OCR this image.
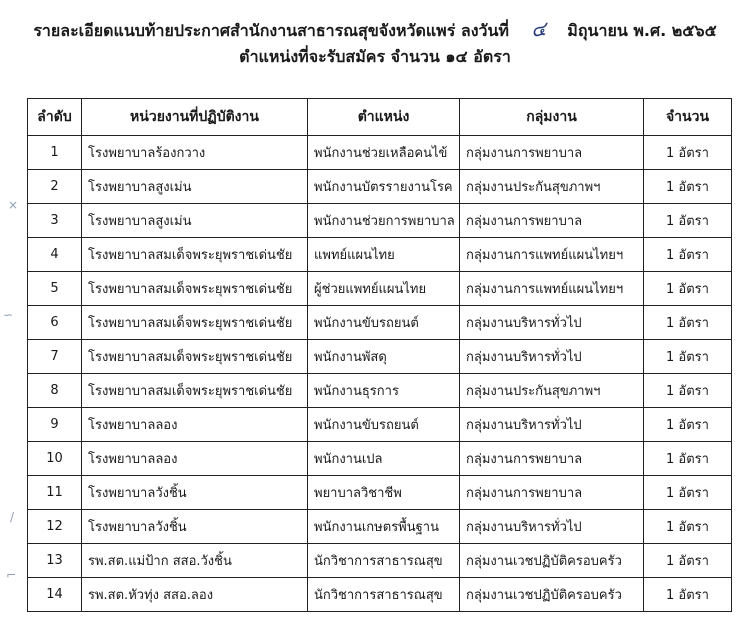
รายละเอียดแนบท้ายประกาศสำนักงานสาธารณสุขจังหวัดแพร่ ลงวันที่ ๔ มิถุนายน พ.ศ. ๒๕๖๕
ตำแหน่งที่จะรับสมัคร จำนวน ๑๔ อัตรา
×
∽
/
⌐
ลำดับ	หน่วยงานที่ปฏิบัติงาน	ตำแหน่ง	กลุ่มงาน	จำนวน
1	โรงพยาบาลร้องกวาง	พนักงานช่วยเหลือคนไข้	กลุ่มงานการพยาบาล	1 อัตรา
2	โรงพยาบาลสูงเม่น	พนักงานบัตรรายงานโรค	กลุ่มงานประกันสุขภาพฯ	1 อัตรา
3	โรงพยาบาลสูงเม่น	พนักงานช่วยการพยาบาล	กลุ่มงานการพยาบาล	1 อัตรา
4	โรงพยาบาลสมเด็จพระยุพราชเด่นชัย	แพทย์แผนไทย	กลุ่มงานการแพทย์แผนไทยฯ	1 อัตรา
5	โรงพยาบาลสมเด็จพระยุพราชเด่นชัย	ผู้ช่วยแพทย์แผนไทย	กลุ่มงานการแพทย์แผนไทยฯ	1 อัตรา
6	โรงพยาบาลสมเด็จพระยุพราชเด่นชัย	พนักงานขับรถยนต์	กลุ่มงานบริหารทั่วไป	1 อัตรา
7	โรงพยาบาลสมเด็จพระยุพราชเด่นชัย	พนักงานพัสดุ	กลุ่มงานบริหารทั่วไป	1 อัตรา
8	โรงพยาบาลสมเด็จพระยุพราชเด่นชัย	พนักงานธุรการ	กลุ่มงานประกันสุขภาพฯ	1 อัตรา
9	โรงพยาบาลลอง	พนักงานขับรถยนต์	กลุ่มงานบริหารทั่วไป	1 อัตรา
10	โรงพยาบาลลอง	พนักงานเปล	กลุ่มงานการพยาบาล	1 อัตรา
11	โรงพยาบาลวังชิ้น	พยาบาลวิชาชีพ	กลุ่มงานการพยาบาล	1 อัตรา
12	โรงพยาบาลวังชิ้น	พนักงานเกษตรพื้นฐาน	กลุ่มงานบริหารทั่วไป	1 อัตรา
13	รพ.สต.แม่ป้าก สสอ.วังชิ้น	นักวิชาการสาธารณสุข	กลุ่มงานเวชปฏิบัติครอบครัว	1 อัตรา
14	รพ.สต.หัวทุ่ง สสอ.ลอง	นักวิชาการสาธารณสุข	กลุ่มงานเวชปฏิบัติครอบครัว	1 อัตรา
